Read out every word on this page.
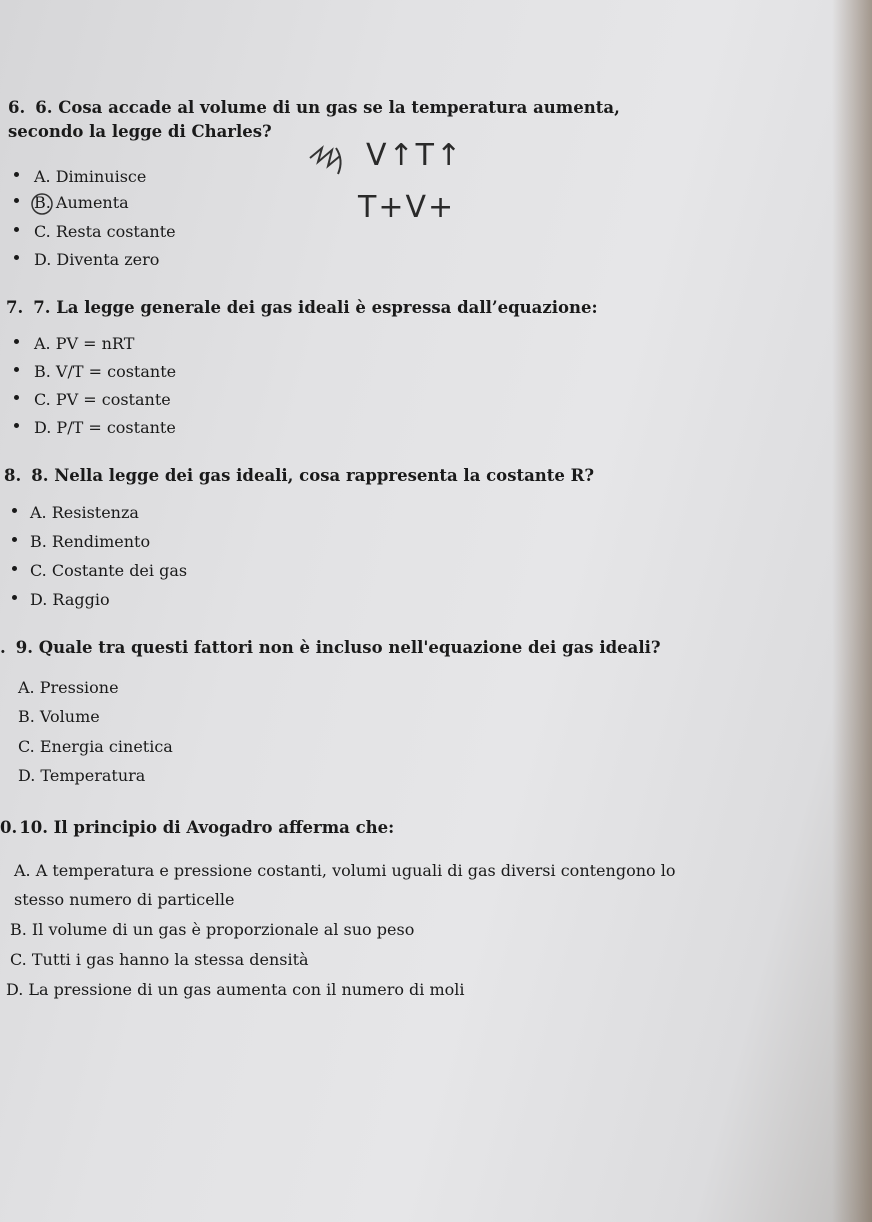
6. 6. Cosa accade al volume di un gas se la temperatura aumenta, secondo la legge di Charles?
A. Diminuisce
B. Aumenta
C. Resta costante
D. Diventa zero
V↑T↑
T+V+
7. 7. La legge generale dei gas ideali è espressa dall’equazione:
A. PV = nRT
B. V/T = costante
C. PV = costante
D. P/T = costante
8. 8. Nella legge dei gas ideali, cosa rappresenta la costante R?
A. Resistenza
B. Rendimento
C. Costante dei gas
D. Raggio
. 9. Quale tra questi fattori non è incluso nell'equazione dei gas ideali?
A. Pressione
B. Volume
C. Energia cinetica
D. Temperatura
0. 10. Il principio di Avogadro afferma che:
A. A temperatura e pressione costanti, volumi uguali di gas diversi contengono lo
stesso numero di particelle
B. Il volume di un gas è proporzionale al suo peso
C. Tutti i gas hanno la stessa densità
D. La pressione di un gas aumenta con il numero di moli
